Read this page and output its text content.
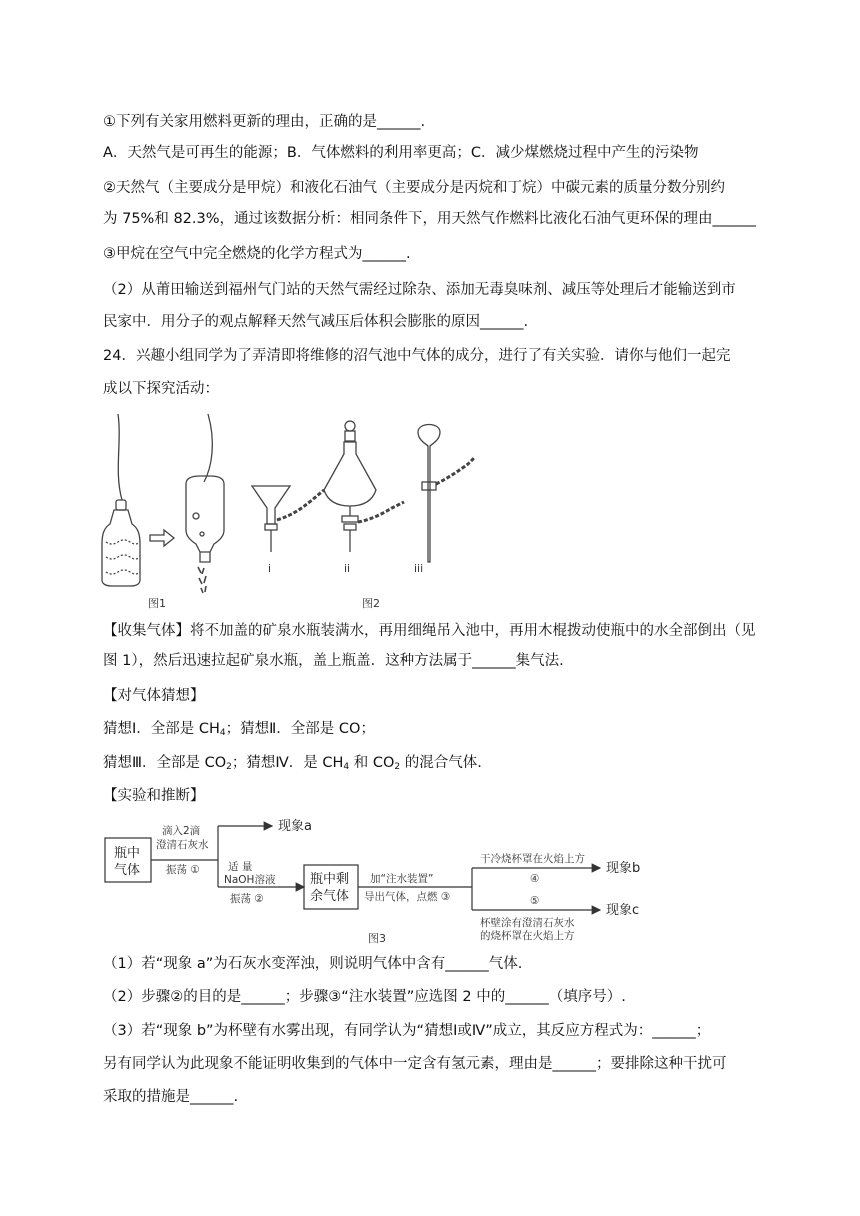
①下列有关家用燃料更新的理由，正确的是______.
A．天然气是可再生的能源；B．气体燃料的利用率更高；C．减少煤燃烧过程中产生的污染物
②天然气（主要成分是甲烷）和液化石油气（主要成分是丙烷和丁烷）中碳元素的质量分数分别约
为 75%和 82.3%，通过该数据分析：相同条件下，用天然气作燃料比液化石油气更环保的理由______
③甲烷在空气中完全燃烧的化学方程式为______.
（2）从莆田输送到福州气门站的天然气需经过除杂、添加无毒臭味剂、减压等处理后才能输送到市
民家中．用分子的观点解释天然气减压后体积会膨胀的原因______.
24．兴趣小组同学为了弄清即将维修的沼气池中气体的成分，进行了有关实验．请你与他们一起完
成以下探究活动：
图1
i	ii	iii
图2
【收集气体】将不加盖的矿泉水瓶装满水，再用细绳吊入池中，再用木棍拨动使瓶中的水全部倒出（见
图 1），然后迅速拉起矿泉水瓶，盖上瓶盖．这种方法属于______集气法.
【对气体猜想】
猜想Ⅰ．全部是 $CH_4$；猜想Ⅱ．全部是 CO；
猜想Ⅲ．全部是 $CO_2$；猜想Ⅳ．是 $CH_4$ 和 $CO_2$ 的混合气体.
【实验和推断】
瓶中
气体
滴入2滴
澄清石灰水
振荡 ①
现象a
适 量
NaOH溶液
振荡 ②
瓶中剩
余气体
加“注水装置”
导出气体，点燃 ③
干冷烧杯罩在火焰上方
④
现象b
⑤
杯壁涂有澄清石灰水
的烧杯罩在火焰上方
现象c
图3
（1）若“现象 a”为石灰水变浑浊，则说明气体中含有______气体.
（2）步骤②的目的是______；步骤③“注水装置”应选图 2 中的______（填序号）.
（3）若“现象 b”为杯壁有水雾出现，有同学认为“猜想Ⅰ或Ⅳ”成立，其反应方程式为：______；
另有同学认为此现象不能证明收集到的气体中一定含有氢元素，理由是______；要排除这种干扰可
采取的措施是______.
